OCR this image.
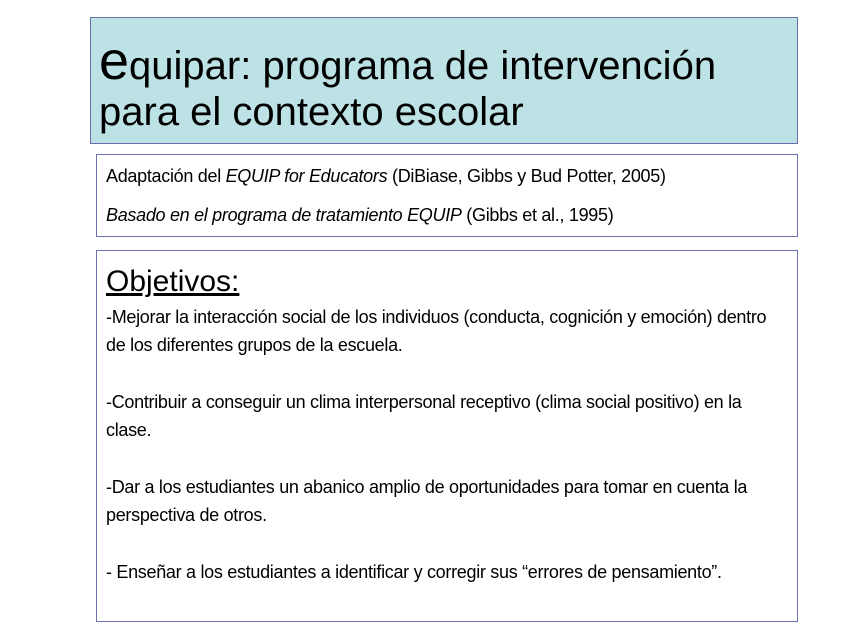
equipar: programa de intervención
para el contexto escolar

Adaptación del EQUIP for Educators (DiBiase, Gibbs y Bud Potter, 2005)

Basado en el programa de tratamiento EQUIP (Gibbs et al., 1995)

Objetivos:

-Mejorar la interacción social de los individuos (conducta, cognición y emoción) dentro de los diferentes grupos de la escuela.

-Contribuir a conseguir un clima interpersonal receptivo (clima social positivo) en la clase.

-Dar a los estudiantes un abanico amplio de oportunidades para tomar en cuenta la perspectiva de otros.

- Enseñar a los estudiantes a identificar y corregir sus “errores de pensamiento”.
